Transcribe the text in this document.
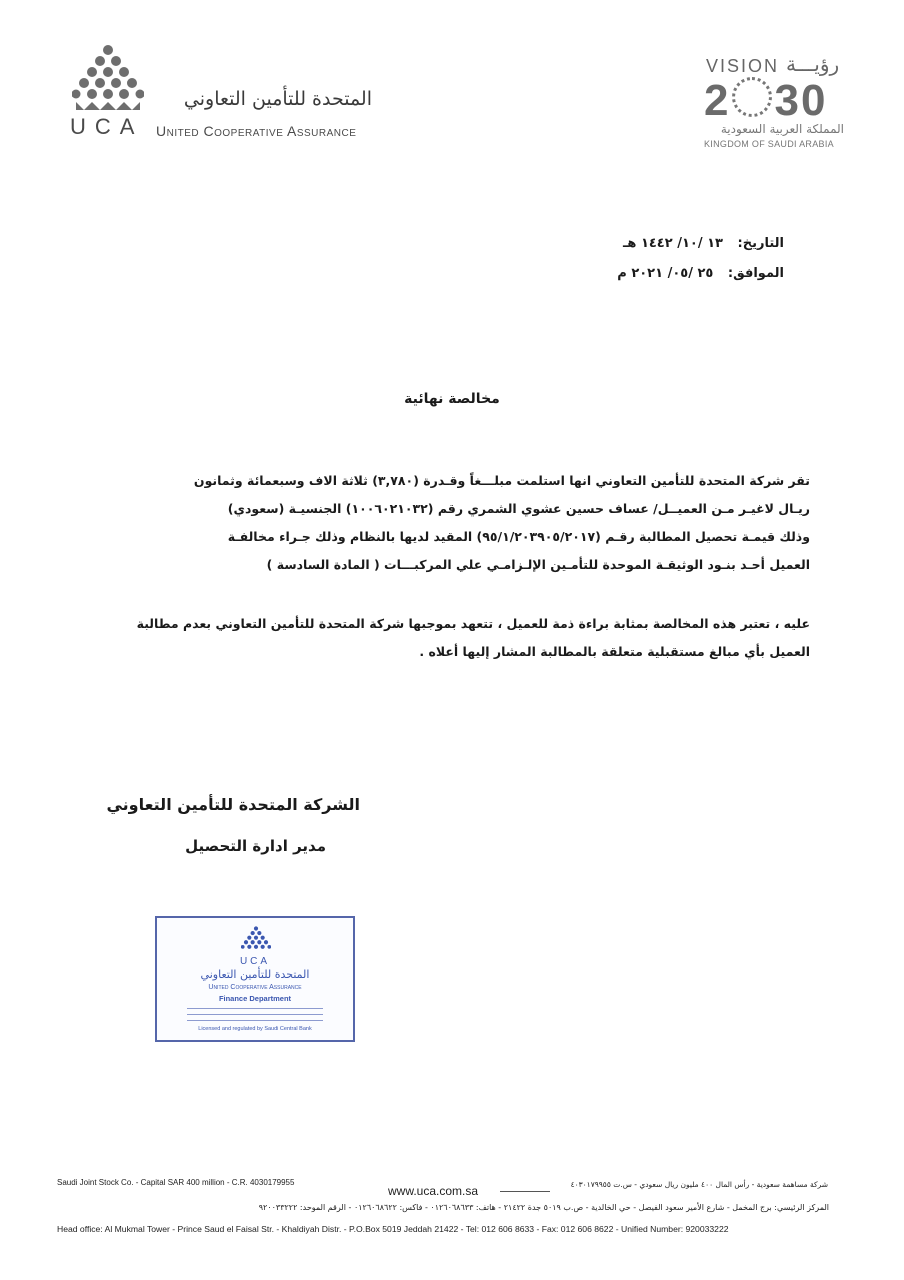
UCA
المتحدة للتأمين التعاوني
United Cooperative Assurance
VISION رؤيـــة
2 30
المملكة العربية السعودية
KINGDOM OF SAUDI ARABIA
التاريخ: ١٣ /١٠/ ١٤٤٢ هـ
الموافق: ٢٥ /٠٥/ ٢٠٢١ م
مخالصة نهائية

تقر شركة المتحدة للتأمين التعاوني انها استلمت مبلـــغاً وقـدرة (٣,٧٨٠) ثلاثة الاف وسبعمائة وثمانون

ريـال لاغيـر مـن العميــل/ عساف حسين عشوي الشمري رقم (١٠٠٦٠٢١٠٣٢) الجنسيـة (سعودي)

وذلك قيمـة تحصيل المطالبة رقـم (٩٥/١/٢٠٣٩٠٥/٢٠١٧) المقيد لديها بالنظام وذلك جـراء مخالفـة

العميل أحـد بنـود الوثيقـة الموحدة للتأمـين الإلـزامـي علي المركبـــات ( المادة السادسة )

عليه ، تعتبر هذه المخالصة بمثابة براءة ذمة للعميل ، تتعهد بموجبها شركة المتحدة للتأمين التعاوني بعدم مطالبة

العميل بأي مبالغ مستقبلية متعلقة بالمطالبة المشار إليها أعلاه .

الشركة المتحدة للتأمين التعاوني
مدير ادارة التحصيل
UCA
المتحدة للتأمين التعاوني
United Cooperative Assurance
Finance Department
Licensed and regulated by Saudi Central Bank
Saudi Joint Stock Co. - Capital SAR 400 million - C.R. 4030179955
www.uca.com.sa	شركة مساهمة سعودية - رأس المال ٤٠٠ مليون ريال سعودي - س.ت ٤٠٣٠١٧٩٩٥٥
المركز الرئيسي: برج المخمل - شارع الأمير سعود الفيصل - حي الخالدية - ص.ب ٥٠١٩ جدة ٢١٤٢٢ - هاتف: ٠١٢٦٠٦٨٦٣٣ - فاكس: ٠١٢٦٠٦٨٦٢٢ - الرقم الموحد: ٩٢٠٠٣٣٢٢٢
Head office: Al Mukmal Tower - Prince Saud el Faisal Str. - Khaldiyah Distr. - P.O.Box 5019 Jeddah 21422 - Tel: 012 606 8633 - Fax: 012 606 8622 - Unified Number: 920033222
